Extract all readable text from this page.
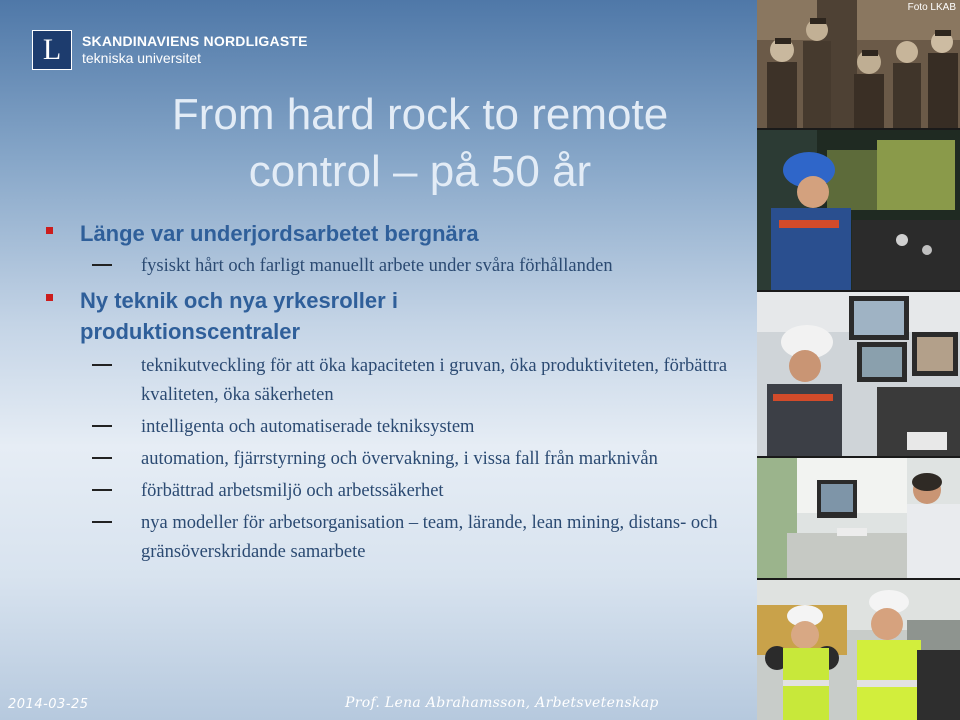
L	SKANDINAVIENS NORDLIGASTE
tekniska universitet
From hard rock to remote
control – på 50 år
Länge var underjordsarbetet bergnära
fysiskt hårt och farligt manuellt arbete under svåra förhållanden
Ny teknik och nya yrkesroller i produktionscentraler
teknikutveckling för att öka kapaciteten i gruvan, öka produktiviteten, förbättra kvaliteten, öka säkerheten
intelligenta och automatiserade tekniksystem
automation, fjärrstyrning och övervakning, i vissa fall från marknivån
förbättrad arbetsmiljö och arbetssäkerhet
nya modeller för arbetsorganisation – team, lärande, lean mining, distans- och gränsöverskridande samarbete
Foto LKAB
2014-03-25	Prof. Lena Abrahamsson, Arbetsvetenskap
